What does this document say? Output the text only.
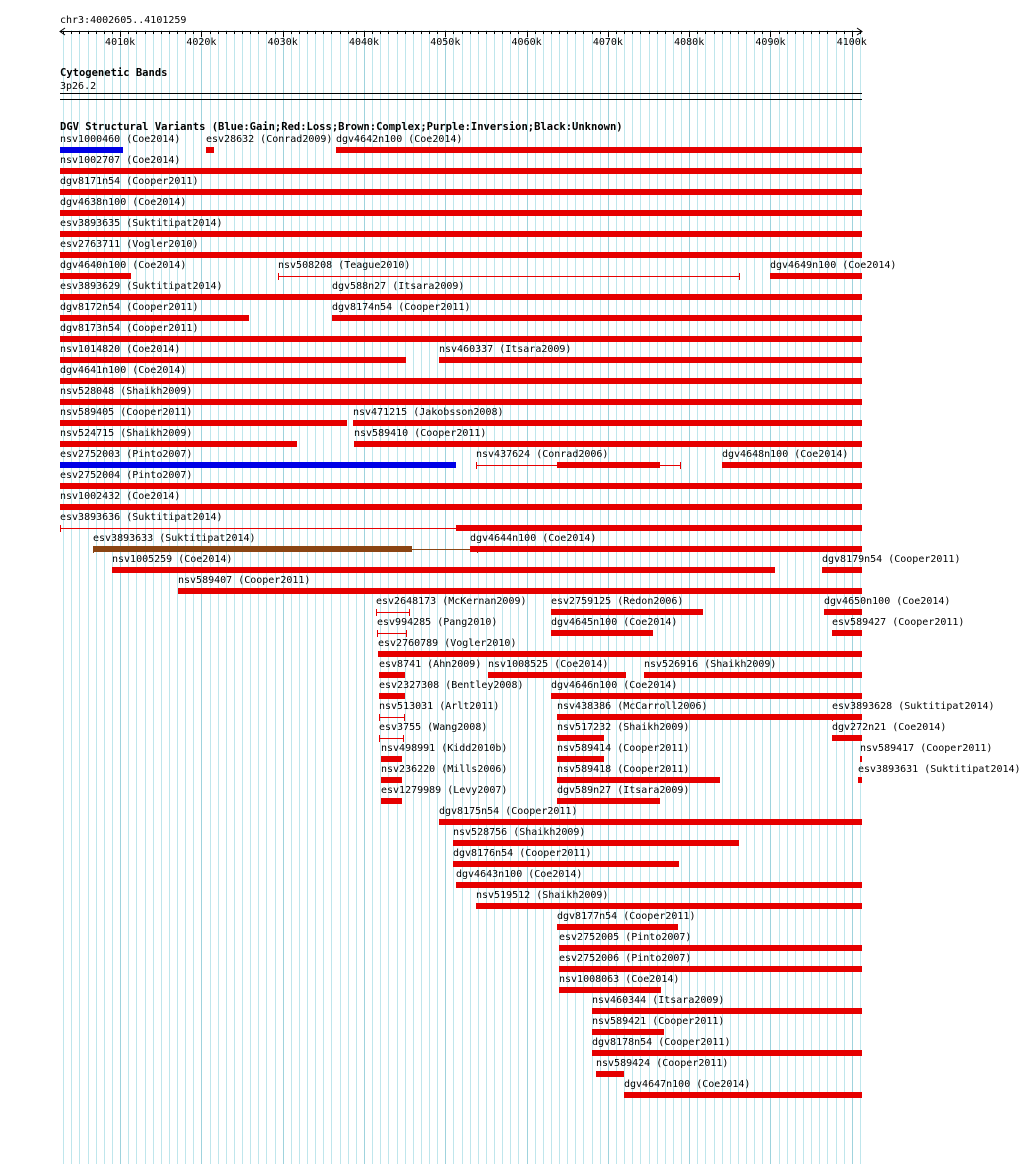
4010k	4020k	4030k	4040k	4050k	4060k	4070k	4080k	4090k	4100k
chr3:4002605..4101259
Cytogenetic Bands
3p26.2
DGV Structural Variants (Blue:Gain;Red:Loss;Brown:Complex;Purple:Inversion;Black:Unknown)
nsv1000460 (Coe2014)	esv28632 (Conrad2009) dgv4642n100 (Coe2014)
nsv1002707 (Coe2014)
dgv8171n54 (Cooper2011)
dgv4638n100 (Coe2014)
esv3893635 (Suktitipat2014)
esv2763711 (Vogler2010)
dgv4640n100 (Coe2014)	nsv508208 (Teague2010)	dgv4649n100 (Coe2014)
esv3893629 (Suktitipat2014)	dgv588n27 (Itsara2009)
dgv8172n54 (Cooper2011)	dgv8174n54 (Cooper2011)
dgv8173n54 (Cooper2011)
nsv1014820 (Coe2014)	nsv460337 (Itsara2009)
dgv4641n100 (Coe2014)
nsv528048 (Shaikh2009)
nsv589405 (Cooper2011)	nsv471215 (Jakobsson2008)
nsv524715 (Shaikh2009)	nsv589410 (Cooper2011)
esv2752003 (Pinto2007)	nsv437624 (Conrad2006)	dgv4648n100 (Coe2014)
esv2752004 (Pinto2007)
nsv1002432 (Coe2014)
esv3893636 (Suktitipat2014)
esv3893633 (Suktitipat2014)	dgv4644n100 (Coe2014)
nsv1005259 (Coe2014)	dgv8179n54 (Cooper2011)
nsv589407 (Cooper2011)
esv2648173 (McKernan2009) esv2759125 (Redon2006)	dgv4650n100 (Coe2014)
esv994285 (Pang2010)	dgv4645n100 (Coe2014)	esv589427 (Cooper2011)
esv2760789 (Vogler2010)
esv8741 (Ahn2009) nsv1008525 (Coe2014)	nsv526916 (Shaikh2009)
esv2327308 (Bentley2008)	dgv4646n100 (Coe2014)
nsv513031 (Arlt2011)	nsv438386 (McCarroll2006)	esv3893628 (Suktitipat2014)
esv3755 (Wang2008)	nsv517232 (Shaikh2009)	dgv272n21 (Coe2014)
nsv498991 (Kidd2010b)	nsv589414 (Cooper2011)	nsv589417 (Cooper2011)
nsv236220 (Mills2006)	nsv589418 (Cooper2011)	esv3893631 (Suktitipat2014)
esv1279989 (Levy2007)	dgv589n27 (Itsara2009)
dgv8175n54 (Cooper2011)
nsv528756 (Shaikh2009)
dgv8176n54 (Cooper2011)
dgv4643n100 (Coe2014)
nsv519512 (Shaikh2009)
dgv8177n54 (Cooper2011)
esv2752005 (Pinto2007)
esv2752006 (Pinto2007)
nsv1008063 (Coe2014)
nsv460344 (Itsara2009)
nsv589421 (Cooper2011)
dgv8178n54 (Cooper2011)
nsv589424 (Cooper2011)
dgv4647n100 (Coe2014)
